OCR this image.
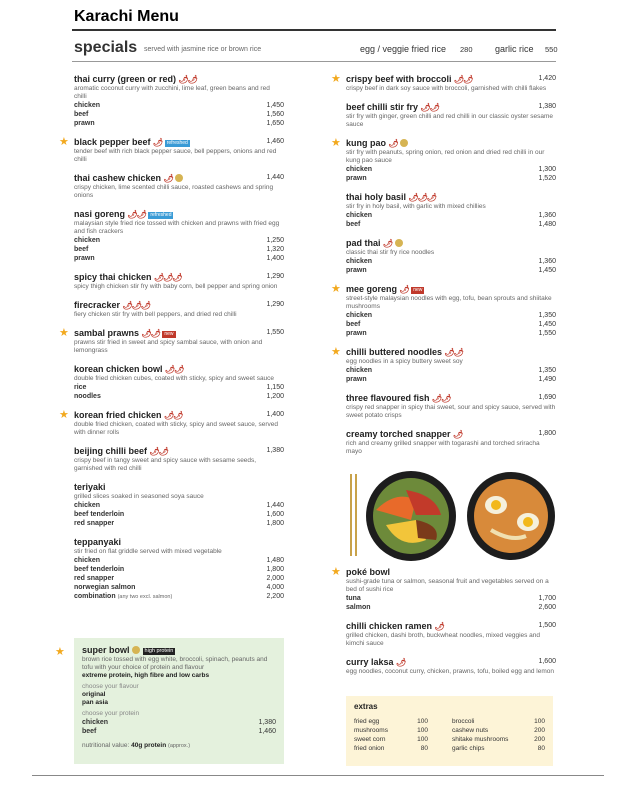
Karachi Menu
specials served with jasmine rice or brown rice	egg / veggie fried rice 280 garlic rice 550
thai curry (green or red) 🌶🌶
aromatic coconut curry with zucchini, lime leaf, green beans and red chilli
chicken	1,450
beef	1,560
prawn	1,650
★ black pepper beef 🌶 refreshed	1,460
tender beef with rich black pepper sauce, bell peppers, onions and red chilli
thai cashew chicken 🌶	1,440
crispy chicken, lime scented chilli sauce, roasted cashews and spring onions
nasi goreng 🌶🌶 refreshed
malaysian style fried rice tossed with chicken and prawns with fried egg and fish crackers
chicken	1,250
beef	1,320
prawn	1,400
spicy thai chicken 🌶🌶🌶	1,290
spicy thigh chicken stir fry with baby corn, bell pepper and spring onion
firecracker 🌶🌶🌶	1,290
fiery chicken stir fry with bell peppers, and dried red chilli
★ sambal prawns 🌶🌶 new	1,550
prawns stir fried in sweet and spicy sambal sauce, with onion and lemongrass
korean chicken bowl 🌶🌶
double fried chicken cubes, coated with sticky, spicy and sweet sauce
rice	1,150
noodles	1,200
★ korean fried chicken 🌶🌶	1,400
double fried chicken, coated with sticky, spicy and sweet sauce, served with dinner rolls
beijing chilli beef 🌶🌶	1,380
crispy beef in tangy sweet and spicy sauce with sesame seeds, garnished with red chilli
teriyaki
grilled slices soaked in seasoned soya sauce
chicken	1,440
beef tenderloin	1,600
red snapper	1,800
teppanyaki
stir fried on flat griddle served with mixed vegetable
chicken	1,480
beef tenderloin	1,800
red snapper	2,000
norwegian salmon	4,000
combination (any two excl. salmon)	2,200
★ crispy beef with broccoli 🌶🌶	1,420
crispy beef in dark soy sauce with broccoli, garnished with chilli flakes
beef chilli stir fry 🌶🌶	1,380
stir fry with ginger, green chilli and red chilli in our classic oyster sesame sauce
★ kung pao 🌶
stir fry with peanuts, spring onion, red onion and dried red chilli in our kung pao sauce
chicken	1,300
prawn	1,520
thai holy basil 🌶🌶🌶
stir fry in holy basil, with garlic with mixed chillies
chicken	1,360
beef	1,480
pad thai 🌶
classic thai stir fry rice noodles
chicken	1,360
prawn	1,450
★ mee goreng 🌶 new
street-style malaysian noodles with egg, tofu, bean sprouts and shiitake mushrooms
chicken	1,350
beef	1,450
prawn	1,550
★ chilli buttered noodles 🌶🌶
egg noodles in a spicy buttery sweet soy
chicken	1,350
prawn	1,490
three flavoured fish 🌶🌶	1,690
crispy red snapper in spicy thai sweet, sour and spicy sauce, served with sweet potato crisps
creamy torched snapper 🌶	1,800
rich and creamy grilled snapper with togarashi and torched sriracha mayo
★ poké bowl
sushi-grade tuna or salmon, seasonal fruit and vegetables served on a bed of sushi rice
tuna	1,700
salmon	2,600
chilli chicken ramen 🌶	1,500
grilled chicken, dashi broth, buckwheat noodles, mixed veggies and kimchi sauce
curry laksa 🌶	1,600
egg noodles, coconut curry, chicken, prawns, tofu, boiled egg and lemon
★ super bowl	high protein
brown rice tossed with egg white, broccoli, spinach, peanuts and tofu with your choice of protein and flavour
extreme protein, high fibre and low carbs
choose your flavour
original
pan asia
choose your protein
chicken	1,380
beef	1,460
nutritional value: 40g protein (approx.)
extras
fried egg	100	broccoli	100
mushrooms	100	cashew nuts	200
sweet corn	100	shitake mushrooms	200
fried onion	80	garlic chips	80
